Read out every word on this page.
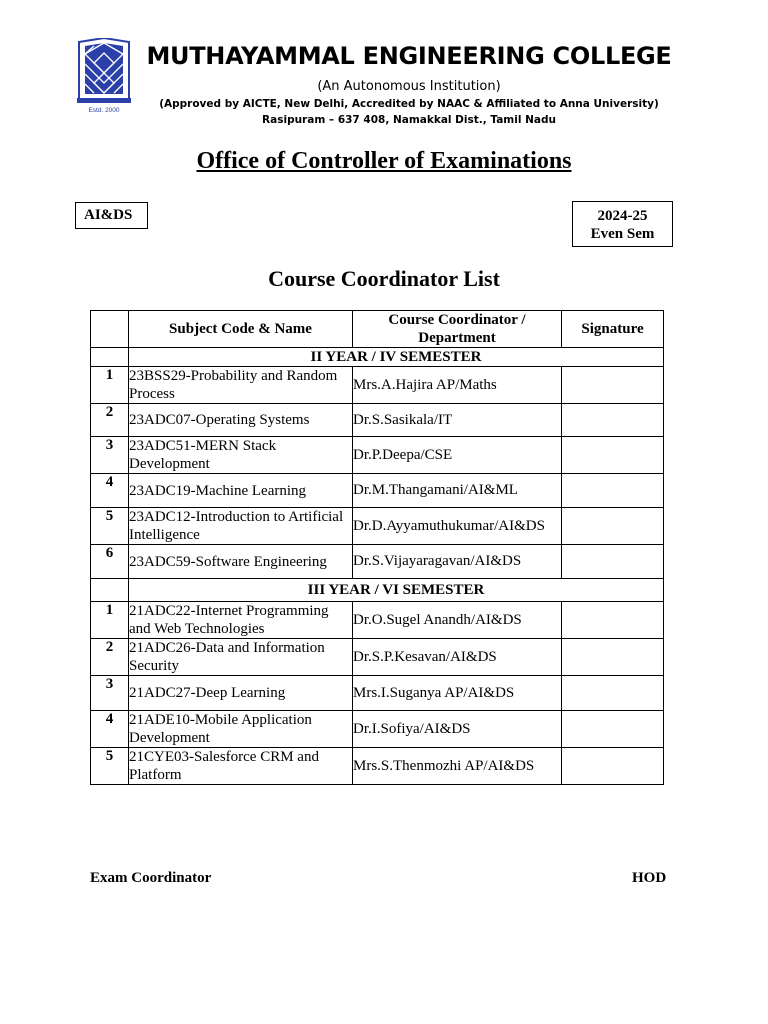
Estd. 2000
MUTHAYAMMAL ENGINEERING COLLEGE
(An Autonomous Institution)
(Approved by AICTE, New Delhi, Accredited by NAAC & Affiliated to Anna University)
Rasipuram – 637 408, Namakkal Dist., Tamil Nadu
Office of Controller of Examinations
AI&DS	2024-25
Even Sem
Course Coordinator List
	Subject Code & Name	Course Coordinator / Department	Signature
	II YEAR / IV SEMESTER		
1	23BSS29-Probability and Random Process	Mrs.A.Hajira AP/Maths	
2	23ADC07-Operating Systems	Dr.S.Sasikala/IT	
3	23ADC51-MERN Stack Development	Dr.P.Deepa/CSE	
4	23ADC19-Machine Learning	Dr.M.Thangamani/AI&ML	
5	23ADC12-Introduction to Artificial Intelligence	Dr.D.Ayyamuthukumar/AI&DS	
6	23ADC59-Software Engineering	Dr.S.Vijayaragavan/AI&DS	
	III YEAR / VI SEMESTER		
1	21ADC22-Internet Programming and Web Technologies	Dr.O.Sugel Anandh/AI&DS	
2	21ADC26-Data and Information Security	Dr.S.P.Kesavan/AI&DS	
3	21ADC27-Deep Learning	Mrs.I.Suganya AP/AI&DS	
4	21ADE10-Mobile Application Development	Dr.I.Sofiya/AI&DS	
5	21CYE03-Salesforce CRM and Platform	Mrs.S.Thenmozhi AP/AI&DS	
Exam Coordinator	HOD
